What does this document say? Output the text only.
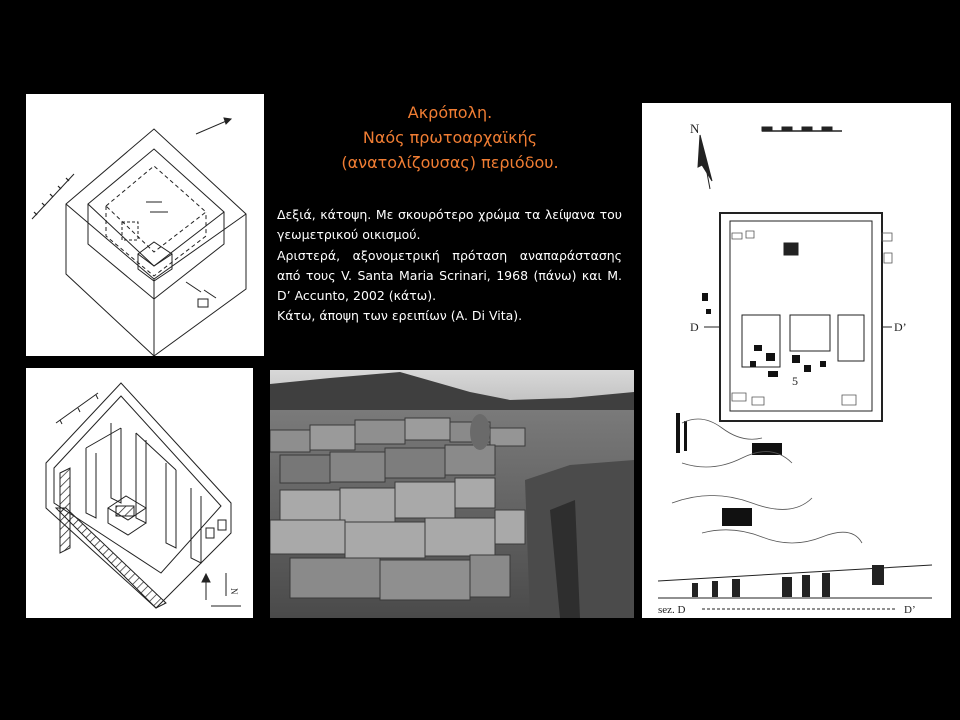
N
Ακρόπολη.
Ναός πρωτοαρχαϊκής
(ανατολίζουσας) περιόδου.

Δεξιά, κάτοψη. Με σκουρότερο χρώμα τα λείψανα του γεωμετρικού οικισμού.

Αριστερά, αξονομετρική πρόταση αναπαράστασης από τους V. Santa Maria Scrinari, 1968 (πάνω) και M. D’ Accunto, 2002 (κάτω).

Κάτω, άποψη των ερειπίων (A. Di Vita).

N
5
D	D’
sez. D	D’
